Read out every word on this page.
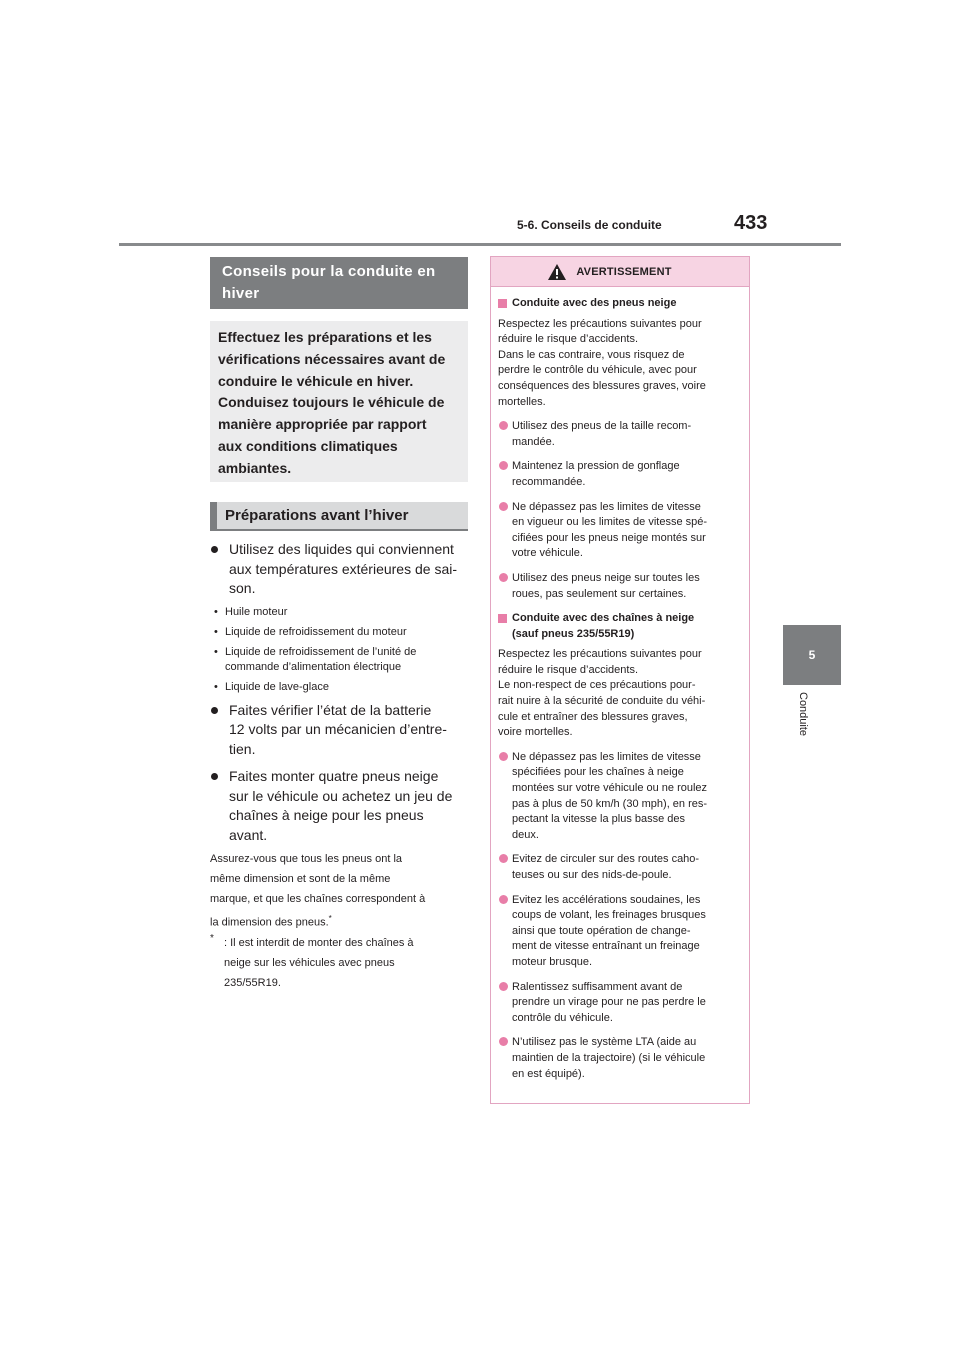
5-6. Conseils de conduite	433
5
Conduite
Conseils pour la conduite en hiver
Effectuez les préparations et les
vérifications nécessaires avant de
conduire le véhicule en hiver.
Conduisez toujours le véhicule de
manière appropriée par rapport
aux conditions climatiques
ambiantes.
Préparations avant l’hiver
Utilisez des liquides qui conviennent
aux températures extérieures de sai-
son.
• Huile moteur
• Liquide de refroidissement du moteur
• Liquide de refroidissement de l’unité de commande d’alimentation électrique
• Liquide de lave-glace
Faites vérifier l’état de la batterie
12 volts par un mécanicien d’entre-
tien.
Faites monter quatre pneus neige
sur le véhicule ou achetez un jeu de
chaînes à neige pour les pneus
avant.
Assurez-vous que tous les pneus ont la
même dimension et sont de la même
marque, et que les chaînes correspondent à
la dimension des pneus.*
* : Il est interdit de monter des chaînes à
neige sur les véhicules avec pneus
235/55R19.
AVERTISSEMENT
Conduite avec des pneus neige
Respectez les précautions suivantes pour
réduire le risque d’accidents.
Dans le cas contraire, vous risquez de
perdre le contrôle du véhicule, avec pour
conséquences des blessures graves, voire
mortelles.
Utilisez des pneus de la taille recom-
mandée.
Maintenez la pression de gonflage
recommandée.
Ne dépassez pas les limites de vitesse
en vigueur ou les limites de vitesse spé-
cifiées pour les pneus neige montés sur
votre véhicule.
Utilisez des pneus neige sur toutes les
roues, pas seulement sur certaines.
Conduite avec des chaînes à neige
(sauf pneus 235/55R19)
Respectez les précautions suivantes pour
réduire le risque d’accidents.
Le non-respect de ces précautions pour-
rait nuire à la sécurité de conduite du véhi-
cule et entraîner des blessures graves,
voire mortelles.
Ne dépassez pas les limites de vitesse
spécifiées pour les chaînes à neige
montées sur votre véhicule ou ne roulez
pas à plus de 50 km/h (30 mph), en res-
pectant la vitesse la plus basse des
deux.
Evitez de circuler sur des routes caho-
teuses ou sur des nids-de-poule.
Evitez les accélérations soudaines, les
coups de volant, les freinages brusques
ainsi que toute opération de change-
ment de vitesse entraînant un freinage
moteur brusque.
Ralentissez suffisamment avant de
prendre un virage pour ne pas perdre le
contrôle du véhicule.
N’utilisez pas le système LTA (aide au
maintien de la trajectoire) (si le véhicule
en est équipé).
